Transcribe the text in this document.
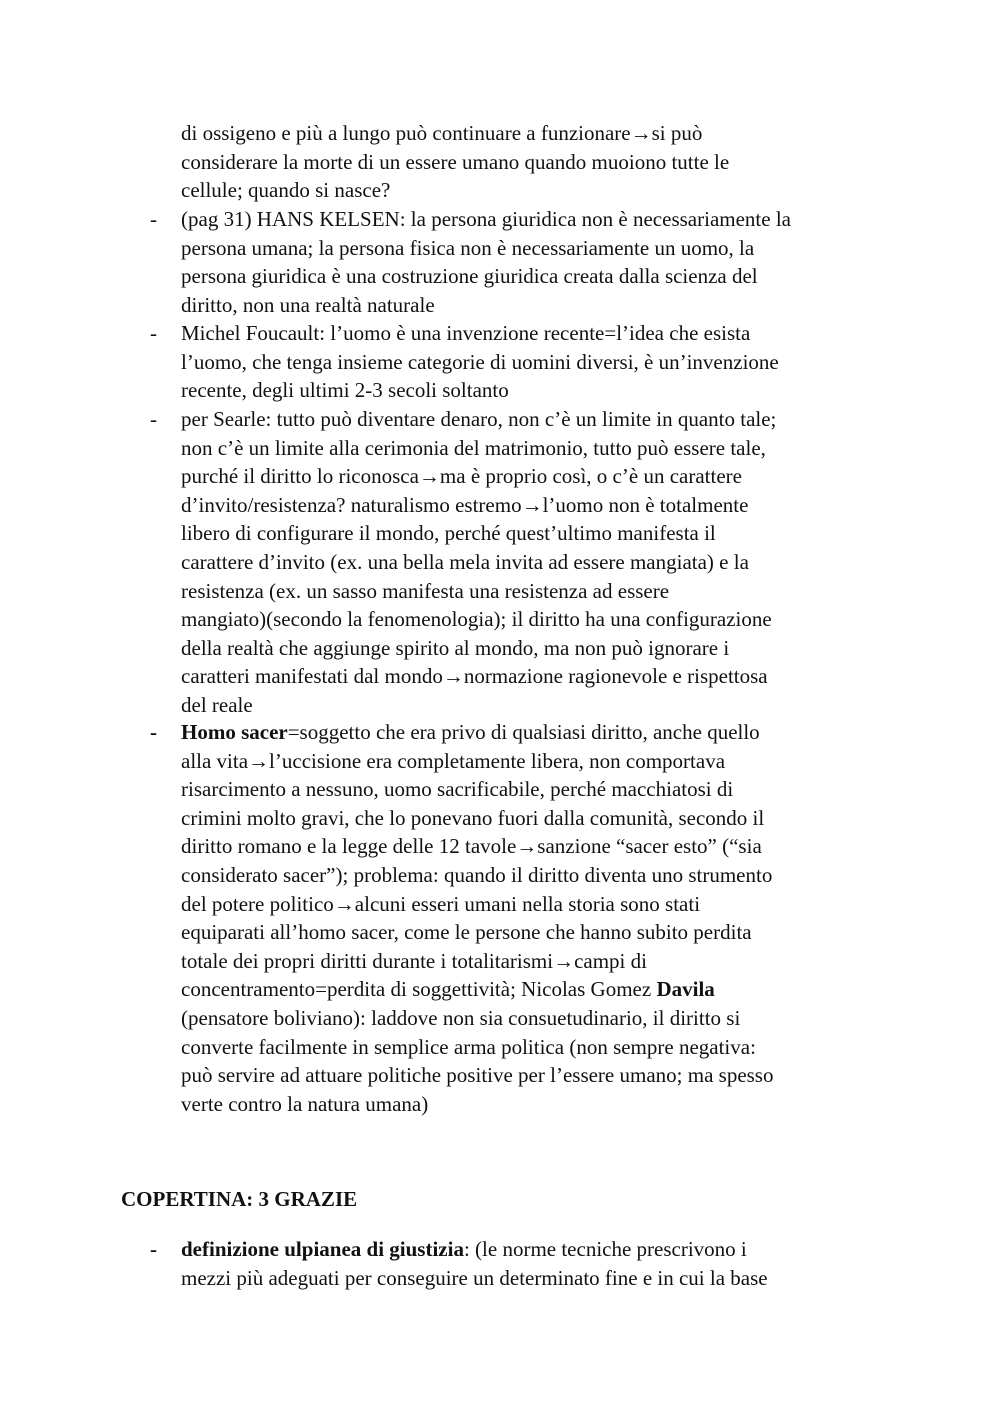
di ossigeno e più a lungo può continuare a funzionare→si può
considerare la morte di un essere umano quando muoiono tutte le
cellule; quando si nasce?
-	(pag 31) HANS KELSEN: la persona giuridica non è necessariamente la
persona umana; la persona fisica non è necessariamente un uomo, la
persona giuridica è una costruzione giuridica creata dalla scienza del
diritto, non una realtà naturale
-	Michel Foucault: l’uomo è una invenzione recente=l’idea che esista
l’uomo, che tenga insieme categorie di uomini diversi, è un’invenzione
recente, degli ultimi 2-3 secoli soltanto
-	per Searle: tutto può diventare denaro, non c’è un limite in quanto tale;
non c’è un limite alla cerimonia del matrimonio, tutto può essere tale,
purché il diritto lo riconosca→ma è proprio così, o c’è un carattere
d’invito/resistenza? naturalismo estremo→l’uomo non è totalmente
libero di configurare il mondo, perché quest’ultimo manifesta il
carattere d’invito (ex. una bella mela invita ad essere mangiata) e la
resistenza (ex. un sasso manifesta una resistenza ad essere
mangiato)(secondo la fenomenologia); il diritto ha una configurazione
della realtà che aggiunge spirito al mondo, ma non può ignorare i
caratteri manifestati dal mondo→normazione ragionevole e rispettosa
del reale
-	Homo sacer=soggetto che era privo di qualsiasi diritto, anche quello
alla vita→l’uccisione era completamente libera, non comportava
risarcimento a nessuno, uomo sacrificabile, perché macchiatosi di
crimini molto gravi, che lo ponevano fuori dalla comunità, secondo il
diritto romano e la legge delle 12 tavole→sanzione “sacer esto” (“sia
considerato sacer”); problema: quando il diritto diventa uno strumento
del potere politico→alcuni esseri umani nella storia sono stati
equiparati all’homo sacer, come le persone che hanno subito perdita
totale dei propri diritti durante i totalitarismi→campi di
concentramento=perdita di soggettività; Nicolas Gomez Davila
(pensatore boliviano): laddove non sia consuetudinario, il diritto si
converte facilmente in semplice arma politica (non sempre negativa:
può servire ad attuare politiche positive per l’essere umano; ma spesso
verte contro la natura umana)
COPERTINA: 3 GRAZIE
-	definizione ulpianea di giustizia: (le norme tecniche prescrivono i
mezzi più adeguati per conseguire un determinato fine e in cui la base
